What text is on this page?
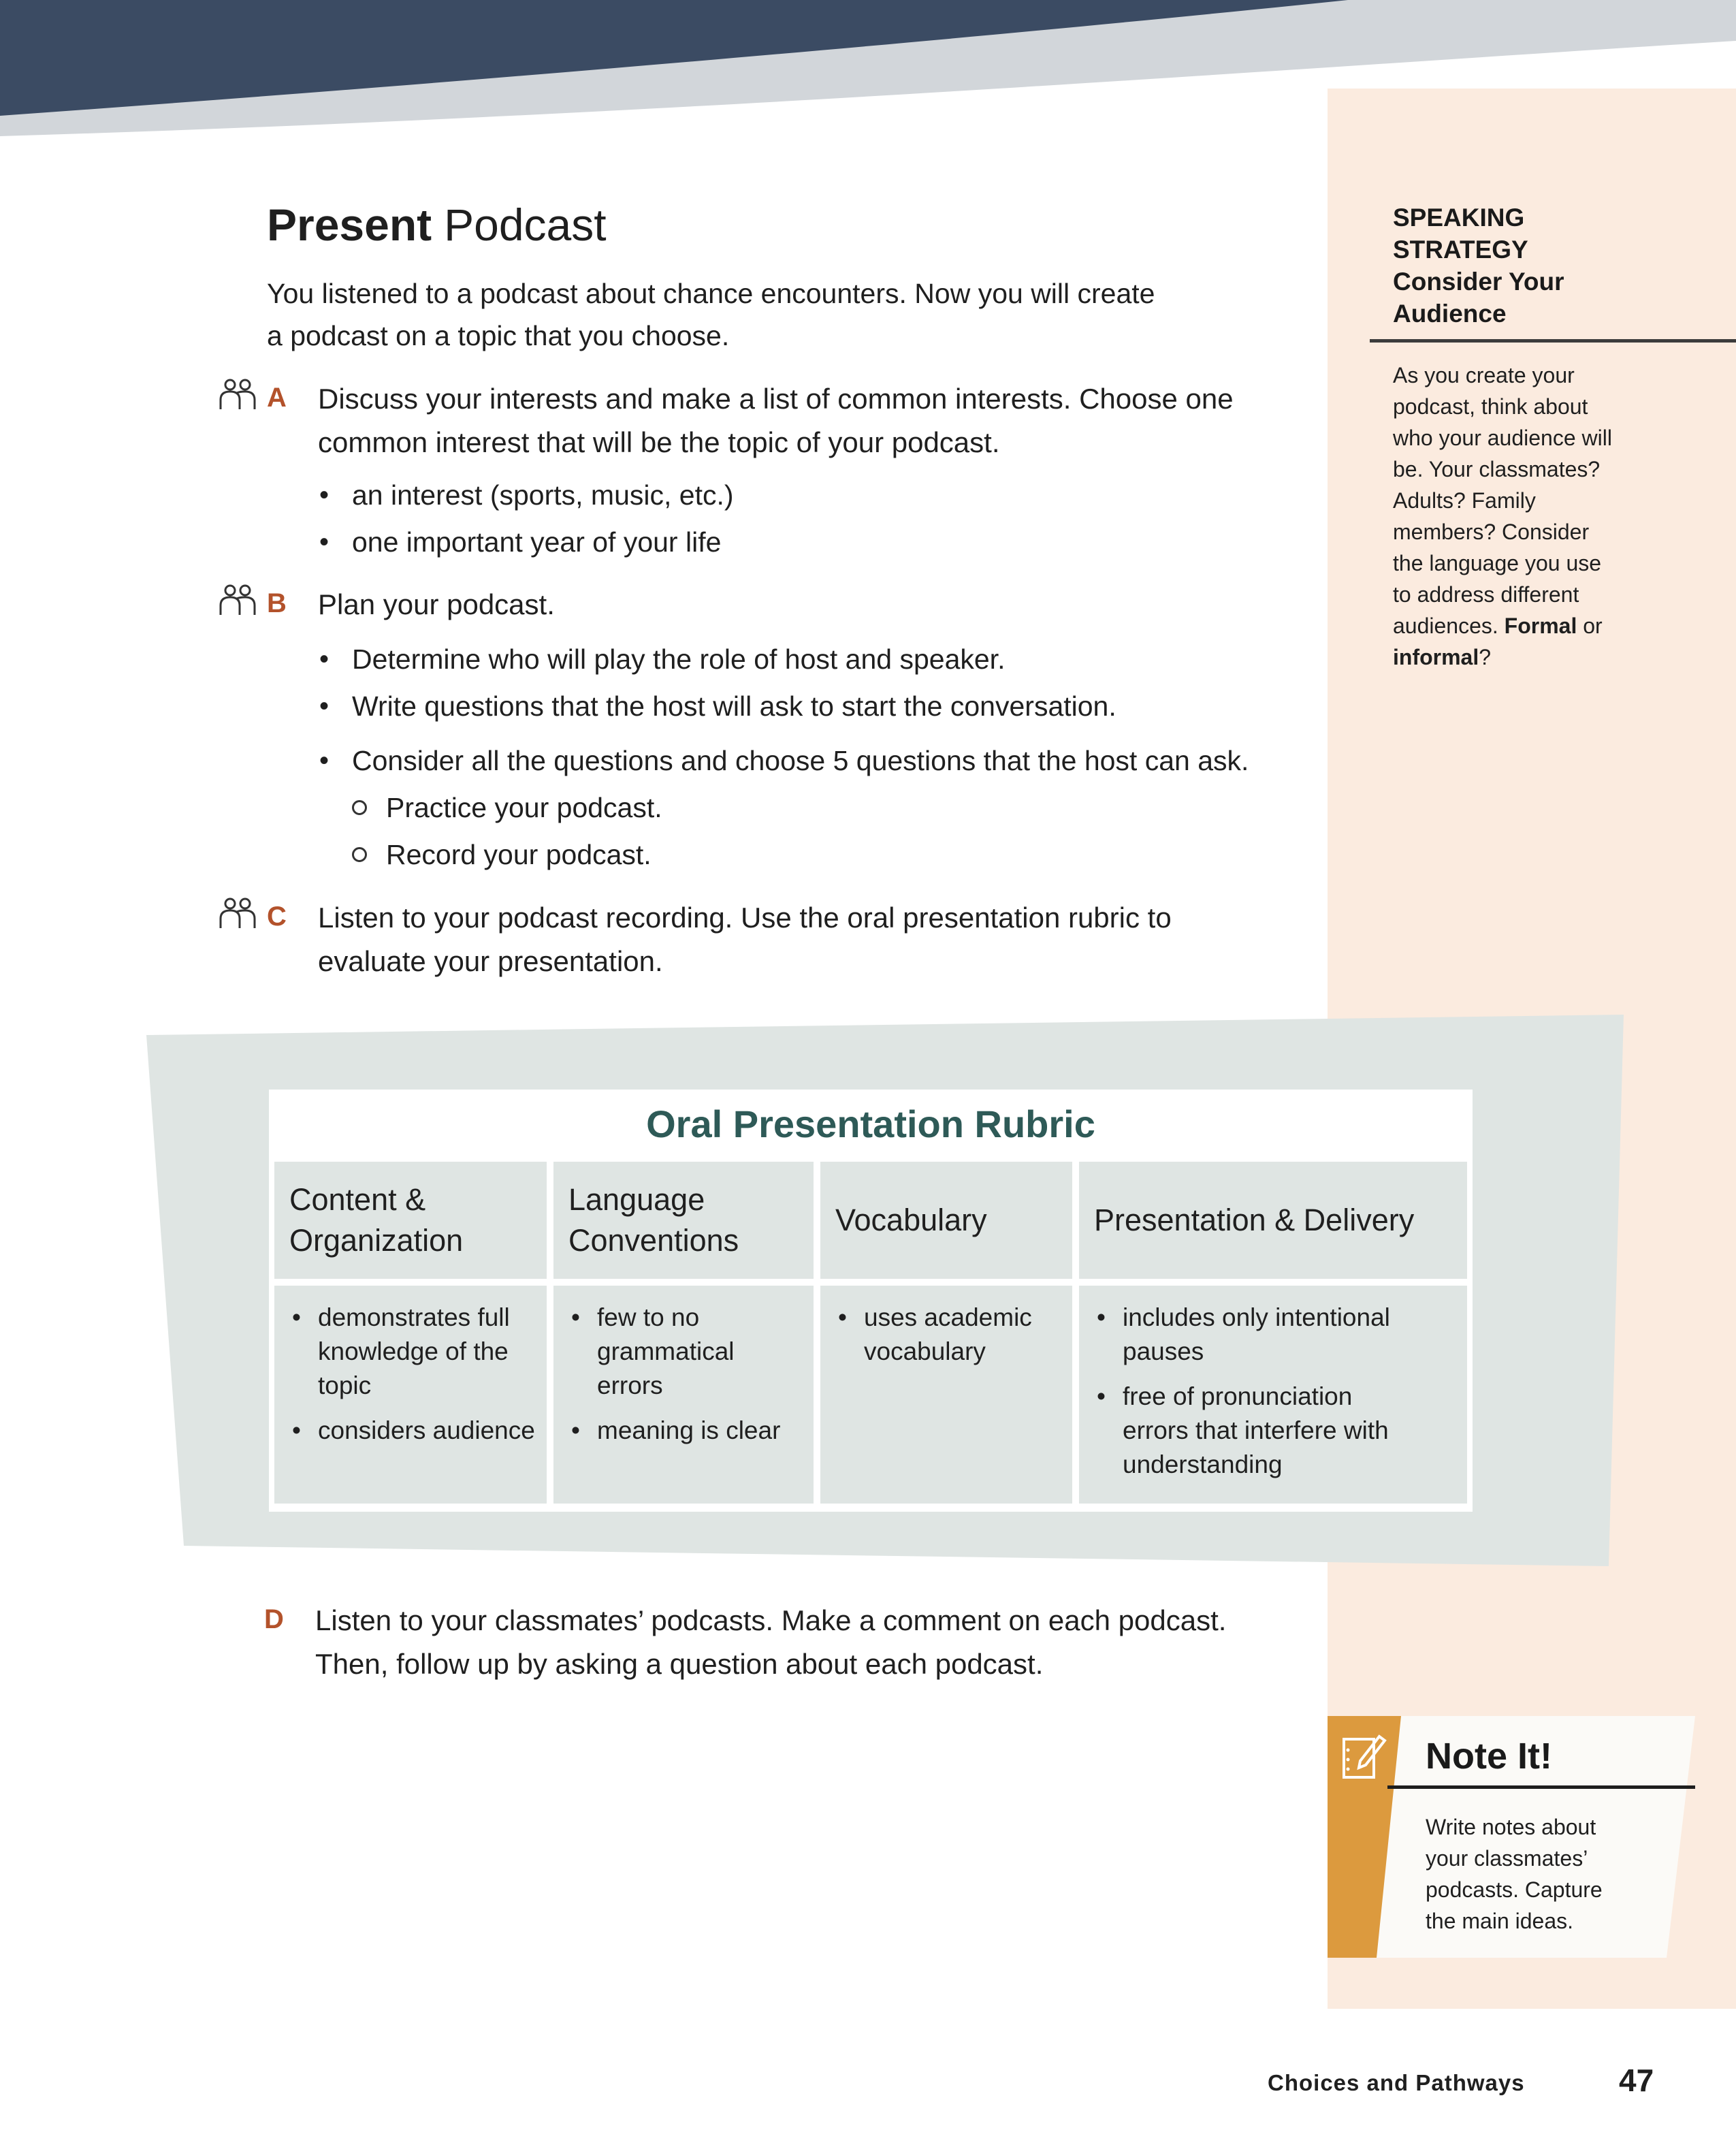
Present Podcast
You listened to a podcast about chance encounters. Now you will create
a podcast on a topic that you choose.
A Discuss your interests and make a list of common interests. Choose one
common interest that will be the topic of your podcast.
• an interest (sports, music, etc.)
• one important year of your life
B Plan your podcast.
• Determine who will play the role of host and speaker.
• Write questions that the host will ask to start the conversation.
• Consider all the questions and choose 5 questions that the host can ask.
Practice your podcast.
Record your podcast.
C Listen to your podcast recording. Use the oral presentation rubric to
evaluate your presentation.
SPEAKING
STRATEGY
Consider Your
Audience
As you create your
podcast, think about
who your audience will
be. Your classmates?
Adults? Family
members? Consider
the language you use
to address different
audiences. Formal or
informal?
Oral Presentation Rubric
Content &
Organization
Language
Conventions
Vocabulary	Presentation & Delivery
• demonstrates full
knowledge of the
topic
• considers audience
• few to no
grammatical
errors
• meaning is clear
• uses academic
vocabulary
• includes only intentional
pauses
• free of pronunciation
errors that interfere with
understanding
D Listen to your classmates’ podcasts. Make a comment on each podcast.
Then, follow up by asking a question about each podcast.
Note It!
Write notes about
your classmates’
podcasts. Capture
the main ideas.
Choices and Pathways	47
